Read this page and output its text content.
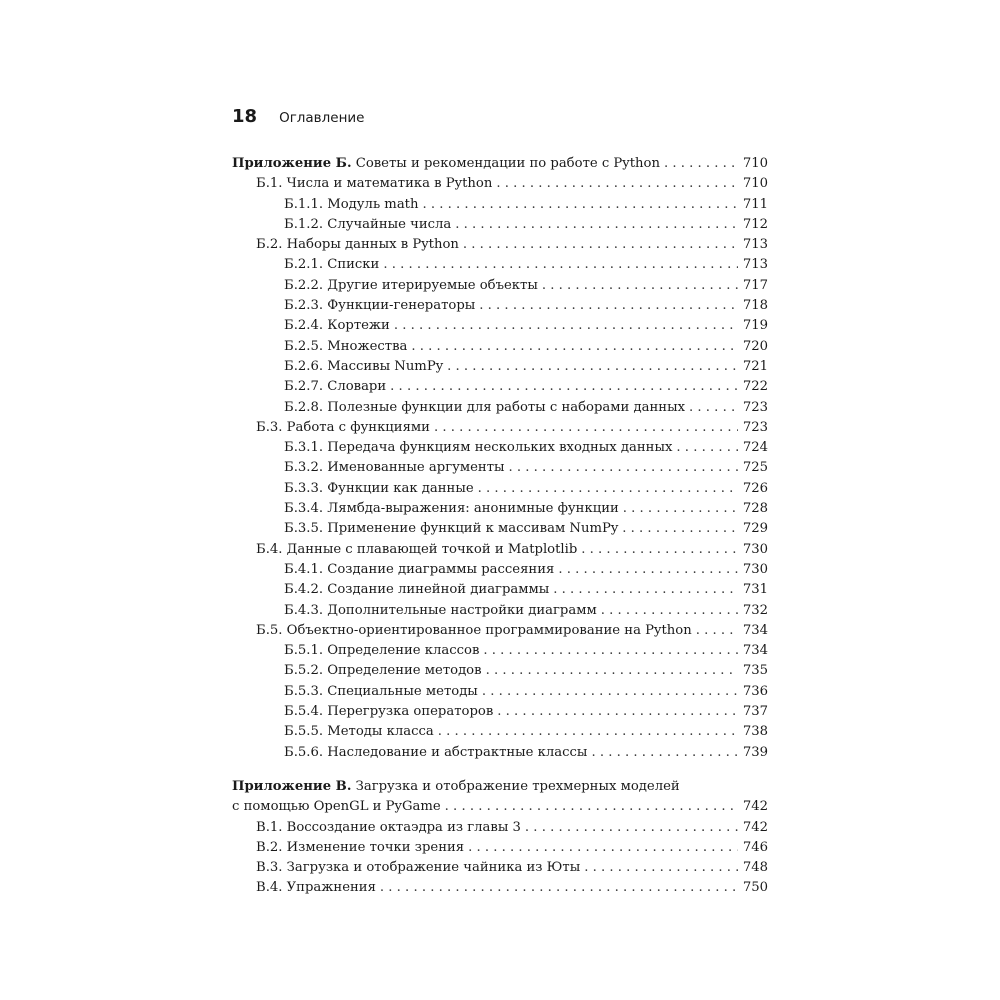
18 Оглавление
Приложение Б. Советы и рекомендации по работе с Python . . .	710
Б.1. Числа и математика в Python . . .	710
Б.1.1. Модуль math . . .	711
Б.1.2. Случайные числа . . .	712
Б.2. Наборы данных в Python . . .	713
Б.2.1. Списки . . .	713
Б.2.2. Другие итерируемые объекты . . .	717
Б.2.3. Функции-генераторы . . .	718
Б.2.4. Кортежи . . .	719
Б.2.5. Множества . . .	720
Б.2.6. Массивы NumPy . . .	721
Б.2.7. Словари . . .	722
Б.2.8. Полезные функции для работы с наборами данных . . .	723
Б.3. Работа с функциями . . .	723
Б.3.1. Передача функциям нескольких входных данных . . .	724
Б.3.2. Именованные аргументы . . .	725
Б.3.3. Функции как данные . . .	726
Б.3.4. Лямбда-выражения: анонимные функции . . .	728
Б.3.5. Применение функций к массивам NumPy . . .	729
Б.4. Данные с плавающей точкой и Matplotlib . . .	730
Б.4.1. Создание диаграммы рассеяния . . .	730
Б.4.2. Создание линейной диаграммы . . .	731
Б.4.3. Дополнительные настройки диаграмм . . .	732
Б.5. Объектно-ориентированное программирование на Python . . .	734
Б.5.1. Определение классов . . .	734
Б.5.2. Определение методов . . .	735
Б.5.3. Специальные методы . . .	736
Б.5.4. Перегрузка операторов . . .	737
Б.5.5. Методы класса . . .	738
Б.5.6. Наследование и абстрактные классы . . .	739
Приложение В. Загрузка и отображение трехмерных моделей
с помощью OpenGL и PyGame . . .	742
В.1. Воссоздание октаэдра из главы 3 . . .	742
В.2. Изменение точки зрения . . .	746
В.3. Загрузка и отображение чайника из Юты . . .	748
В.4. Упражнения . . .	750
